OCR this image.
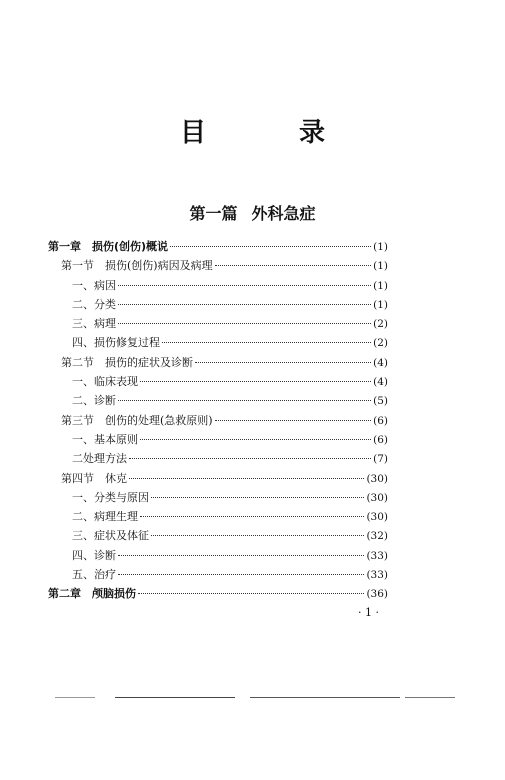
目 录
第一篇 外科急症
第一章　损伤(创伤)概说	(1)
第一节　损伤(创伤)病因及病理	(1)
一、病因	(1)
二、分类	(1)
三、病理	(2)
四、损伤修复过程	(2)
第二节　损伤的症状及诊断	(4)
一、临床表现	(4)
二、诊断	(5)
第三节　创伤的处理(急救原则)	(6)
一、基本原则	(6)
二处理方法	(7)
第四节　休克	(30)
一、分类与原因	(30)
二、病理生理	(30)
三、症状及体征	(32)
四、诊断	(33)
五、治疗	(33)
第二章　颅脑损伤	(36)
· 1 ·
